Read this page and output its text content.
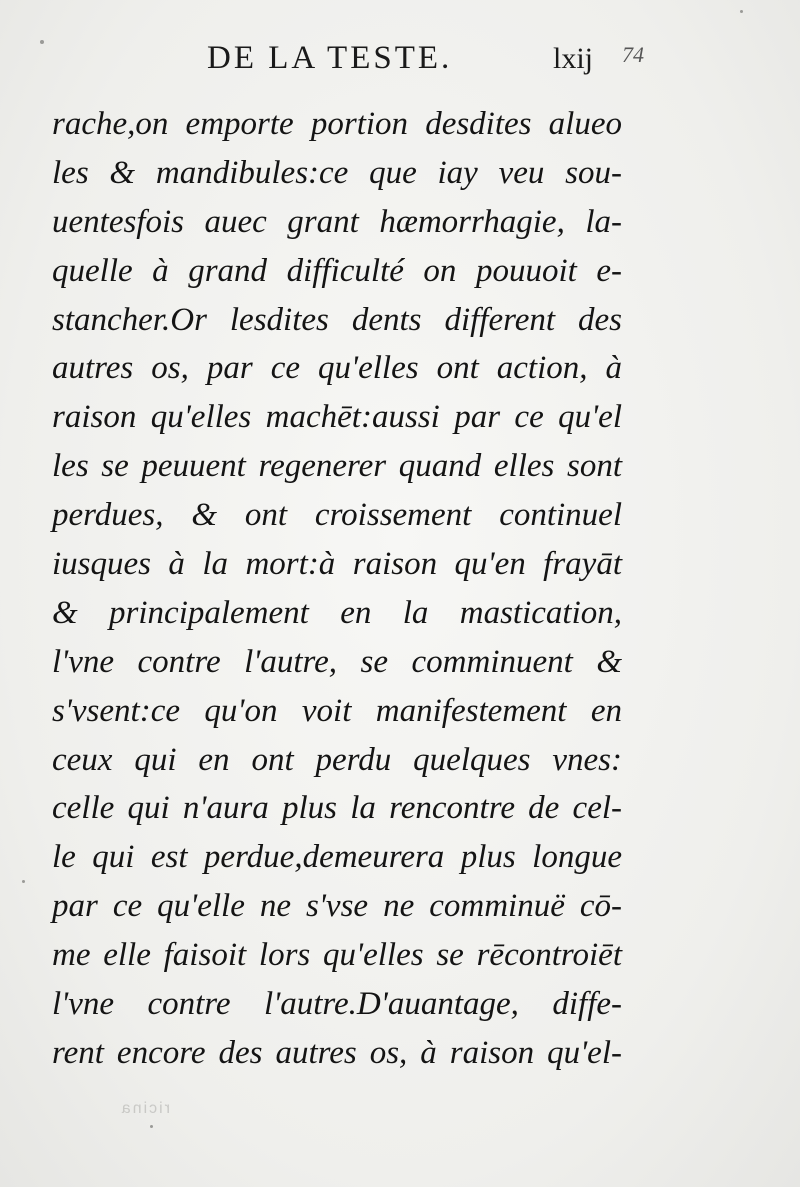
DE LA TESTE.	lxij 74
rache,on emporte portion desdites alueo
les & mandibules:ce que iay veu sou-
uentesfois auec grant hæmorrhagie, la-
quelle à grand difficulté on pouuoit e-
stancher.Or lesdites dents different des
autres os, par ce qu'elles ont action, à
raison qu'elles machēt:aussi par ce qu'el
les se peuuent regenerer quand elles sont
perdues, & ont croissement continuel
iusques à la mort:à raison qu'en frayāt
& principalement en la mastication,
l'vne contre l'autre, se comminuent &
s'vsent:ce qu'on voit manifestement en
ceux qui en ont perdu quelques vnes:
celle qui n'aura plus la rencontre de cel-
le qui est perdue,demeurera plus longue
par ce qu'elle ne s'vse ne comminuë cō-
me elle faisoit lors qu'elles se rēcontroiēt
l'vne contre l'autre.D'auantage, diffe-
rent encore des autres os, à raison qu'el-
ricina
